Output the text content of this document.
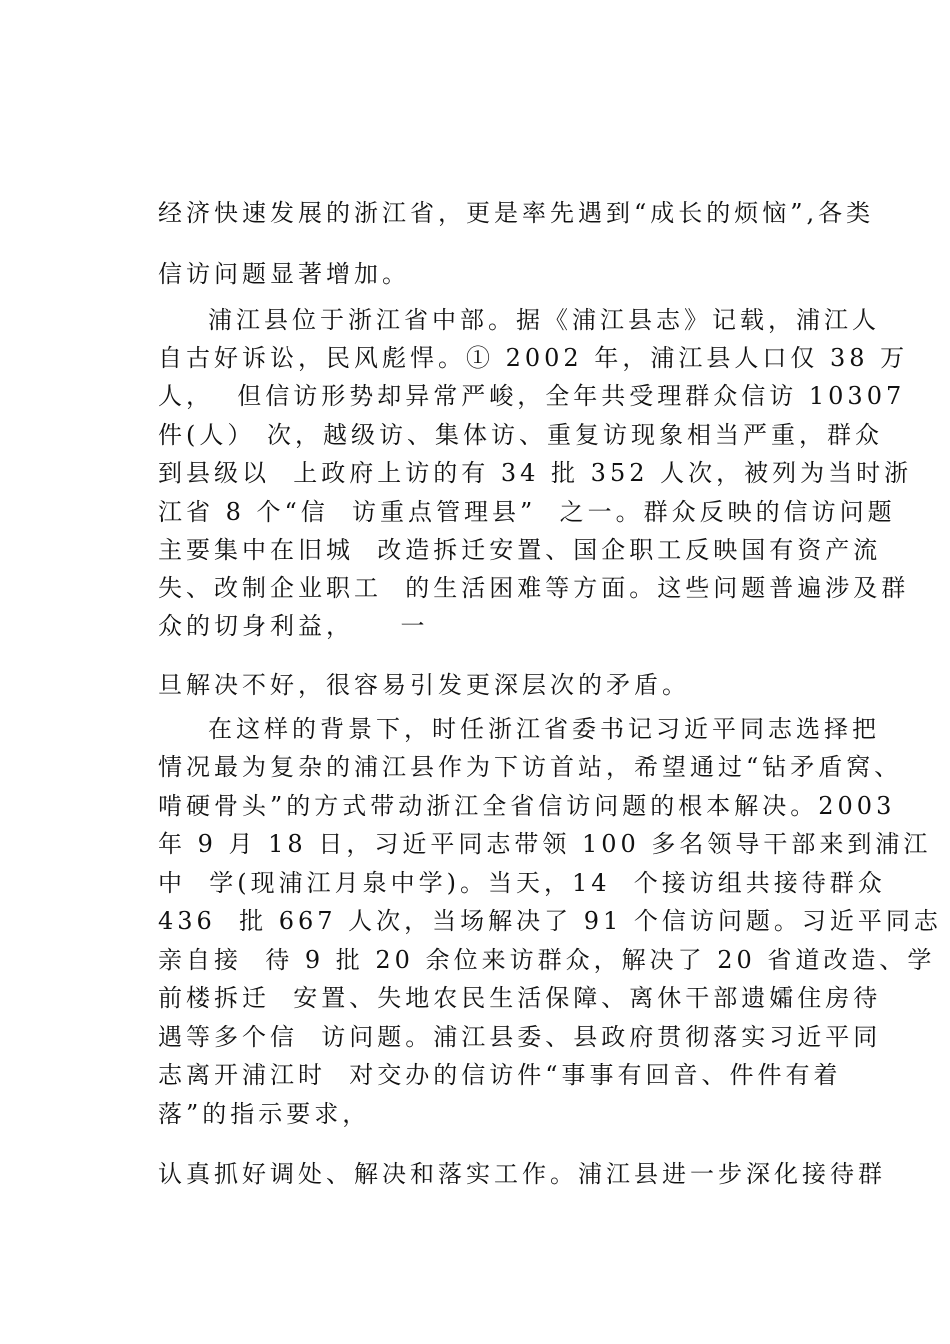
经济快速发展的浙江省，更是率先遇到“成长的烦恼”,各类
信访问题显著增加。
浦江县位于浙江省中部。据《浦江县志》记载，浦江人
自古好诉讼，民风彪悍。① 2002 年，浦江县人口仅 38 万
人，  但信访形势却异常严峻，全年共受理群众信访 10307
件(人） 次，越级访、集体访、重复访现象相当严重，群众
到县级以  上政府上访的有 34 批 352 人次，被列为当时浙
江省 8 个“信  访重点管理县”  之一。群众反映的信访问题
主要集中在旧城  改造拆迁安置、国企职工反映国有资产流
失、改制企业职工  的生活困难等方面。这些问题普遍涉及群
众的切身利益，    一
旦解决不好，很容易引发更深层次的矛盾。
在这样的背景下，时任浙江省委书记习近平同志选择把
情况最为复杂的浦江县作为下访首站，希望通过“钻矛盾窝、
啃硬骨头”的方式带动浙江全省信访问题的根本解决。2003
年 9 月 18 日，习近平同志带领 100 多名领导干部来到浦江
中  学(现浦江月泉中学)。当天，14  个接访组共接待群众
436  批 667 人次，当场解决了 91 个信访问题。习近平同志
亲自接  待 9 批 20 余位来访群众，解决了 20 省道改造、学
前楼拆迁  安置、失地农民生活保障、离休干部遗孀住房待
遇等多个信  访问题。浦江县委、县政府贯彻落实习近平同
志离开浦江时  对交办的信访件“事事有回音、件件有着
落”的指示要求，
认真抓好调处、解决和落实工作。浦江县进一步深化接待群
